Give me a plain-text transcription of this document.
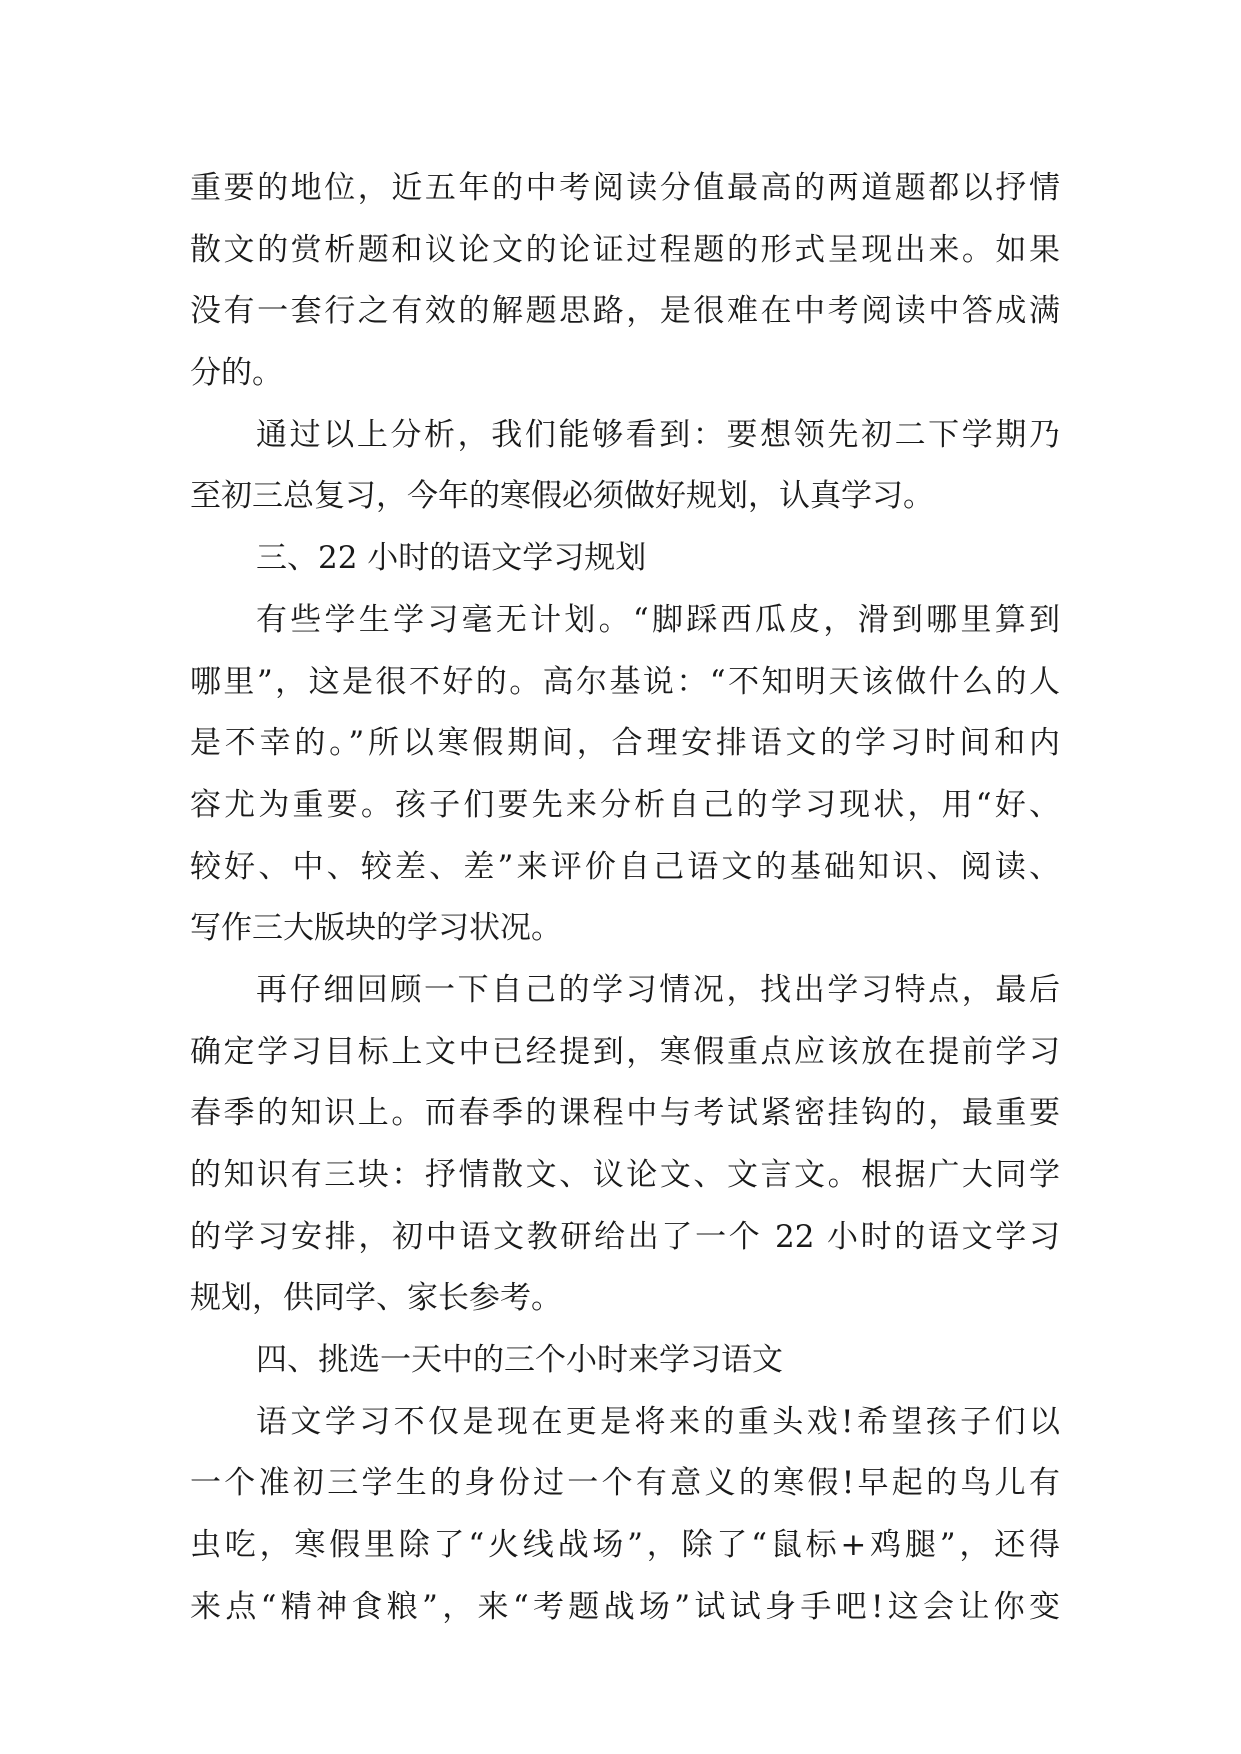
重要的地位，近五年的中考阅读分值最高的两道题都以抒情
散文的赏析题和议论文的论证过程题的形式呈现出来。如果
没有一套行之有效的解题思路，是很难在中考阅读中答成满
分的。
通过以上分析，我们能够看到：要想领先初二下学期乃
至初三总复习，今年的寒假必须做好规划，认真学习。
三、22 小时的语文学习规划
有些学生学习毫无计划。“脚踩西瓜皮，滑到哪里算到
哪里”，这是很不好的。高尔基说：“不知明天该做什么的人
是不幸的。”所以寒假期间，合理安排语文的学习时间和内
容尤为重要。孩子们要先来分析自己的学习现状，用“好、
较好、中、较差、差”来评价自己语文的基础知识、阅读、
写作三大版块的学习状况。
再仔细回顾一下自己的学习情况，找出学习特点，最后
确定学习目标上文中已经提到，寒假重点应该放在提前学习
春季的知识上。而春季的课程中与考试紧密挂钩的，最重要
的知识有三块：抒情散文、议论文、文言文。根据广大同学
的学习安排，初中语文教研给出了一个 22 小时的语文学习
规划，供同学、家长参考。
四、挑选一天中的三个小时来学习语文
语文学习不仅是现在更是将来的重头戏!希望孩子们以
一个准初三学生的身份过一个有意义的寒假!早起的鸟儿有
虫吃，寒假里除了“火线战场”，除了“鼠标+鸡腿”，还得
来点“精神食粮”，来“考题战场”试试身手吧!这会让你变
